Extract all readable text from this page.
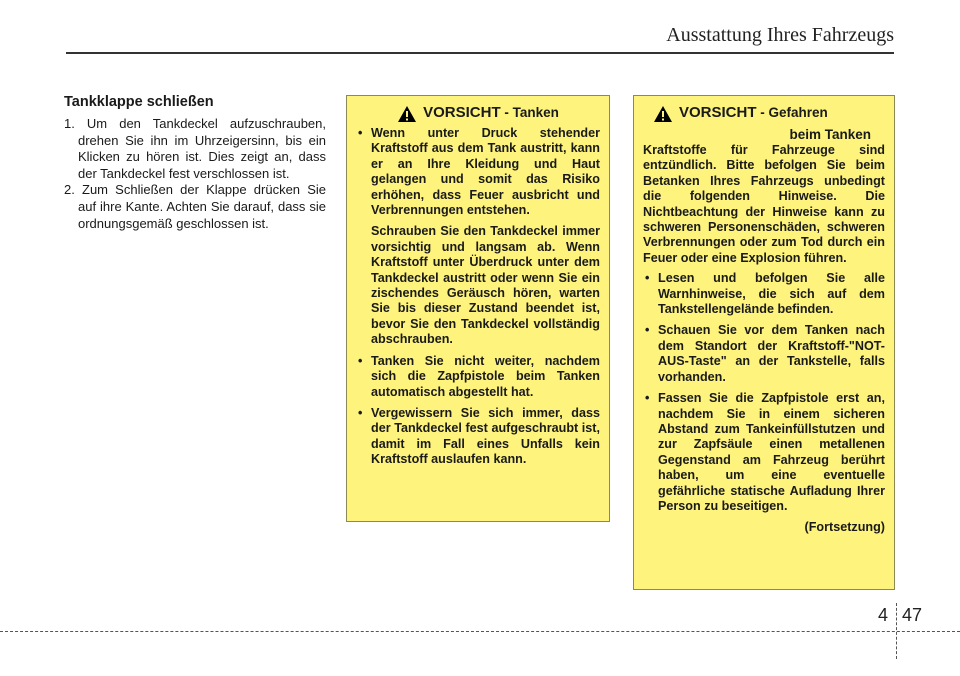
Ausstattung Ihres Fahrzeugs
Tankklappe schließen
1. Um den Tankdeckel aufzuschrauben, drehen Sie ihn im Uhrzeigersinn, bis ein Klicken zu hören ist. Dies zeigt an, dass der Tankdeckel fest verschlossen ist.
2. Zum Schließen der Klappe drücken Sie auf ihre Kante. Achten Sie darauf, dass sie ordnungsgemäß geschlossen ist.
VORSICHT - Tanken
• Wenn unter Druck stehender Kraftstoff aus dem Tank austritt, kann er an Ihre Kleidung und Haut gelangen und somit das Risiko erhöhen, dass Feuer ausbricht und Verbrennungen entstehen.
Schrauben Sie den Tankdeckel immer vorsichtig und langsam ab. Wenn Kraftstoff unter Überdruck unter dem Tankdeckel austritt oder wenn Sie ein zischendes Geräusch hören, warten Sie bis dieser Zustand beendet ist, bevor Sie den Tankdeckel vollständig abschrauben.
• Tanken Sie nicht weiter, nachdem sich die Zapfpistole beim Tanken automatisch abgestellt hat.
• Vergewissern Sie sich immer, dass der Tankdeckel fest aufgeschraubt ist, damit im Fall eines Unfalls kein Kraftstoff auslaufen kann.
VORSICHT - Gefahren
beim Tanken

Kraftstoffe für Fahrzeuge sind entzündlich. Bitte befolgen Sie beim Betanken Ihres Fahrzeugs unbedingt die folgenden Hinweise. Die Nichtbeachtung der Hinweise kann zu schweren Personenschäden, schweren Verbrennungen oder zum Tod durch ein Feuer oder eine Explosion führen.

• Lesen und befolgen Sie alle Warnhinweise, die sich auf dem Tankstellengelände befinden.
• Schauen Sie vor dem Tanken nach dem Standort der Kraftstoff-"NOT-AUS-Taste" an der Tankstelle, falls vorhanden.
• Fassen Sie die Zapfpistole erst an, nachdem Sie in einem sicheren Abstand zum Tankeinfüllstutzen und zur Zapfsäule einen metallenen Gegenstand am Fahrzeug berührt haben, um eine eventuelle gefährliche statische Aufladung Ihrer Person zu beseitigen.
(Fortsetzung)
4 47
